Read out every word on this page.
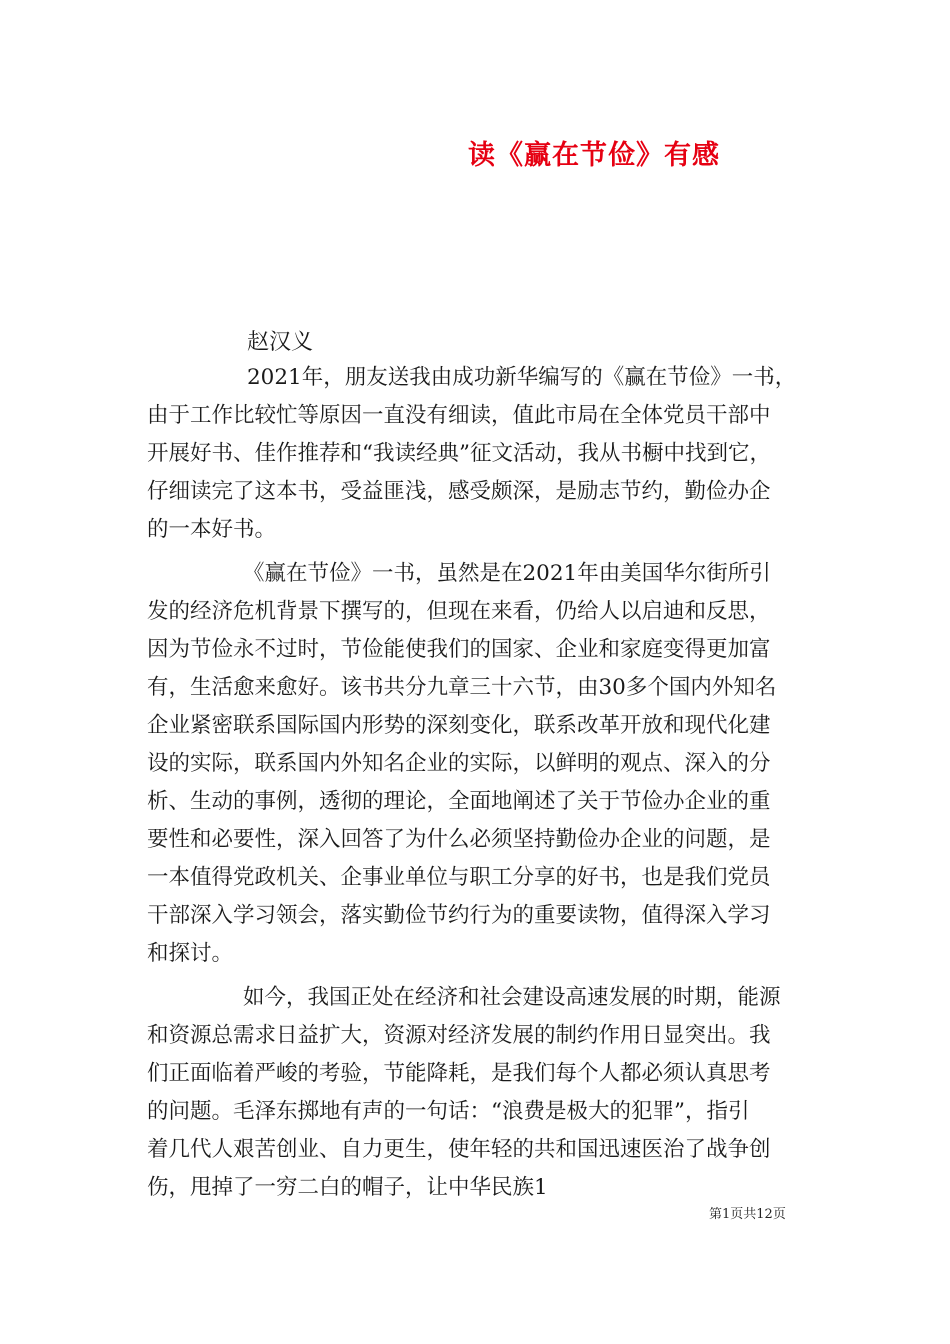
读《赢在节俭》有感
赵汉义
2021年，朋友送我由成功新华编写的《赢在节俭》一书，
由于工作比较忙等原因一直没有细读，值此市局在全体党员干部中
开展好书、佳作推荐和“我读经典”征文活动，我从书橱中找到它，
仔细读完了这本书，受益匪浅，感受颇深，是励志节约，勤俭办企
的一本好书。
《赢在节俭》一书，虽然是在2021年由美国华尔街所引
发的经济危机背景下撰写的，但现在来看，仍给人以启迪和反思，
因为节俭永不过时，节俭能使我们的国家、企业和家庭变得更加富
有，生活愈来愈好。该书共分九章三十六节，由30多个国内外知名
企业紧密联系国际国内形势的深刻变化，联系改革开放和现代化建
设的实际，联系国内外知名企业的实际，以鲜明的观点、深入的分
析、生动的事例，透彻的理论，全面地阐述了关于节俭办企业的重
要性和必要性，深入回答了为什么必须坚持勤俭办企业的问题，是
一本值得党政机关、企事业单位与职工分享的好书，也是我们党员
干部深入学习领会，落实勤俭节约行为的重要读物，值得深入学习
和探讨。
如今，我国正处在经济和社会建设高速发展的时期，能源
和资源总需求日益扩大，资源对经济发展的制约作用日显突出。我
们正面临着严峻的考验，节能降耗，是我们每个人都必须认真思考
的问题。毛泽东掷地有声的一句话：“浪费是极大的犯罪”，指引
着几代人艰苦创业、自力更生，使年轻的共和国迅速医治了战争创
伤，甩掉了一穷二白的帽子，让中华民族1
第1页共12页
